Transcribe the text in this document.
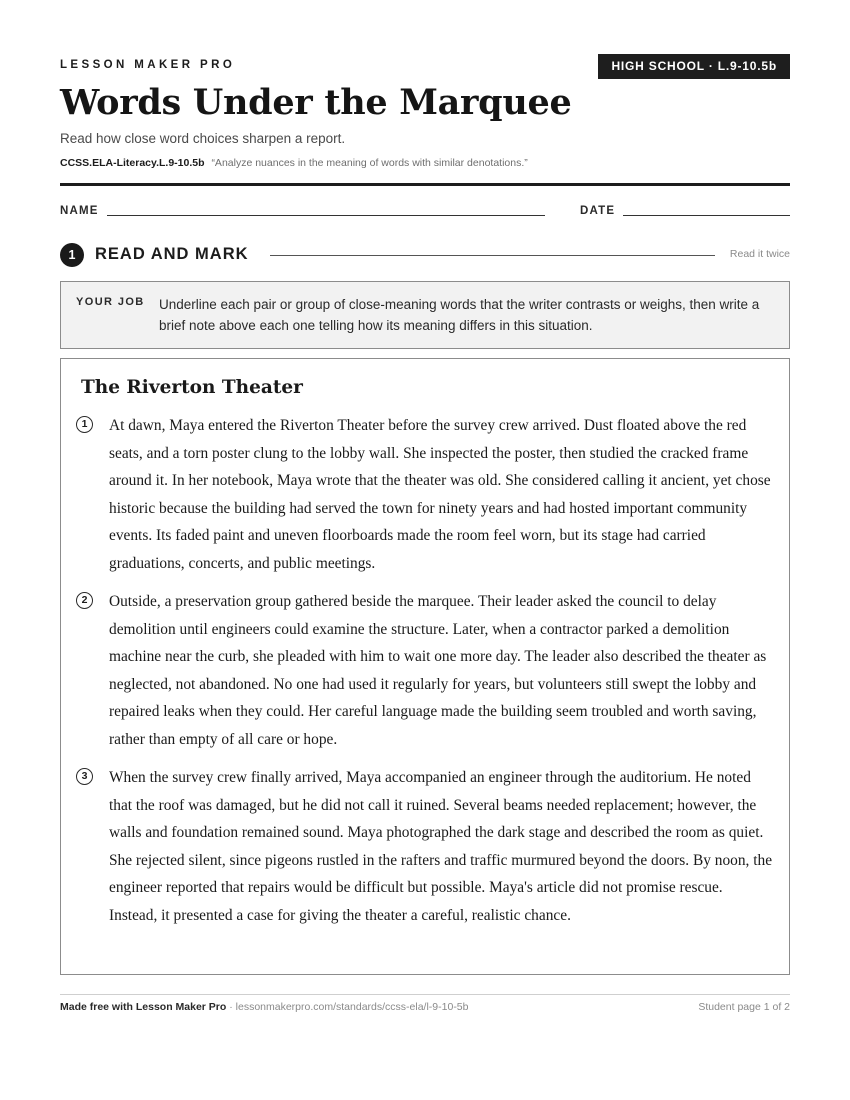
LESSON MAKER PRO	HIGH SCHOOL · L.9-10.5b
Words Under the Marquee
Read how close word choices sharpen a report.
CCSS.ELA-Literacy.L.9-10.5b “Analyze nuances in the meaning of words with similar denotations.”
NAME	DATE
1	READ AND MARK	Read it twice
YOUR JOB Underline each pair or group of close-meaning words that the writer contrasts or weighs, then write a brief note above each one telling how its meaning differs in this situation.
The Riverton Theater
1	At dawn, Maya entered the Riverton Theater before the survey crew arrived. Dust floated above the red seats, and a torn poster clung to the lobby wall. She inspected the poster, then studied the cracked frame around it. In her notebook, Maya wrote that the theater was old. She considered calling it ancient, yet chose historic because the building had served the town for ninety years and had hosted important community events. Its faded paint and uneven floorboards made the room feel worn, but its stage had carried graduations, concerts, and public meetings.

2	Outside, a preservation group gathered beside the marquee. Their leader asked the council to delay demolition until engineers could examine the structure. Later, when a contractor parked a demolition machine near the curb, she pleaded with him to wait one more day. The leader also described the theater as neglected, not abandoned. No one had used it regularly for years, but volunteers still swept the lobby and repaired leaks when they could. Her careful language made the building seem troubled and worth saving, rather than empty of all care or hope.

3	When the survey crew finally arrived, Maya accompanied an engineer through the auditorium. He noted that the roof was damaged, but he did not call it ruined. Several beams needed replacement; however, the walls and foundation remained sound. Maya photographed the dark stage and described the room as quiet. She rejected silent, since pigeons rustled in the rafters and traffic murmured beyond the doors. By noon, the engineer reported that repairs would be difficult but possible. Maya's article did not promise rescue. Instead, it presented a case for giving the theater a careful, realistic chance.

Made free with Lesson Maker Pro · lessonmakerpro.com/standards/ccss-ela/l-9-10-5b	Student page 1 of 2
